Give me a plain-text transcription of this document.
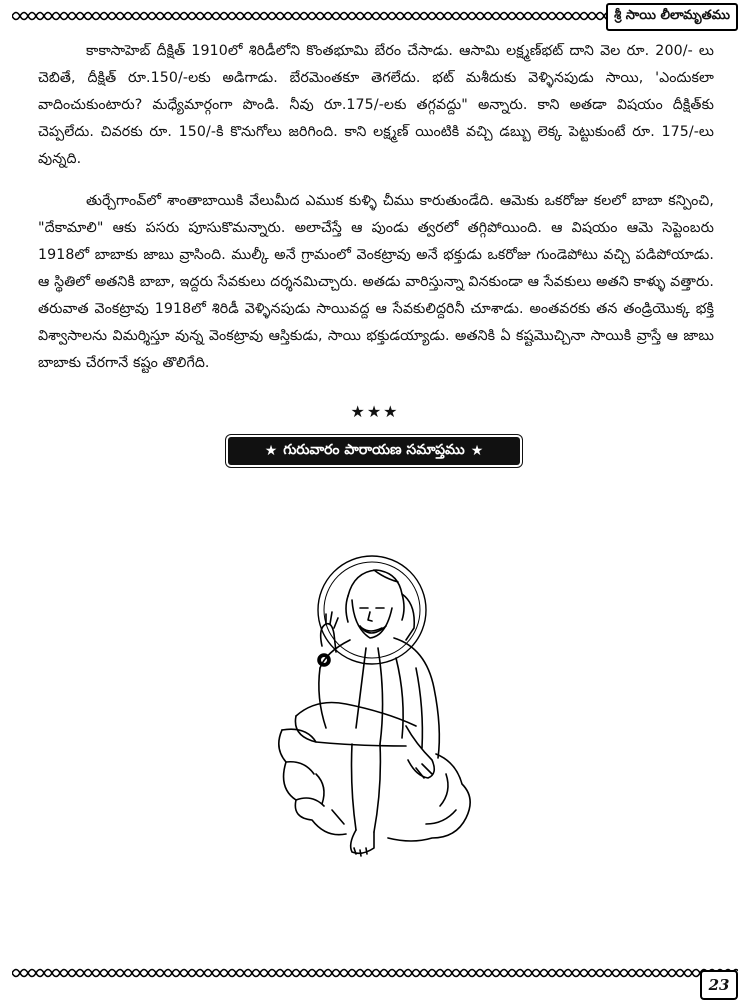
శ్రీ సాయి లీలామృతము

కాకాసాహెబ్ దీక్షిత్ 1910లో శిరిడీలోని కొంతభూమి బేరం చేసాడు. ఆసామి లక్ష్మణ్‌భట్ దాని వెల రూ. 200/- లు చెబితే, దీక్షిత్ రూ.150/-లకు అడిగాడు. బేరమెంతకూ తెగలేదు. భట్ మశీదుకు వెళ్ళినపుడు సాయి, 'ఎందుకలా వాదించుకుంటారు? మధ్యేమార్గంగా పొండి. నీవు రూ.175/-లకు తగ్గవద్దు" అన్నారు. కాని అతడా విషయం దీక్షిత్‌కు చెప్పలేదు. చివరకు రూ. 150/-కి కొనుగోలు జరిగింది. కాని లక్ష్మణ్ యింటికి వచ్చి డబ్బు లెక్క పెట్టుకుంటే రూ. 175/-లు వున్నది.

తుర్చేగాంవ్‌లో శాంతాబాయికి వేలుమీద ఎముక కుళ్ళి చీము కారుతుండేది. ఆమెకు ఒకరోజు కలలో బాబా కన్పించి, "దేకామాలి" ఆకు పసరు పూసుకొమన్నారు. అలాచేస్తే ఆ పుండు త్వరలో తగ్గిపోయింది. ఆ విషయం ఆమె సెప్టెంబరు 1918లో బాబాకు జాబు వ్రాసింది. ముల్కీ అనే గ్రామంలో వెంకట్రావు అనే భక్తుడు ఒకరోజు గుండెపోటు వచ్చి పడిపోయాడు. ఆ స్థితిలో అతనికి బాబా, ఇద్దరు సేవకులు దర్శనమిచ్చారు. అతడు వారిస్తున్నా వినకుండా ఆ సేవకులు అతని కాళ్ళు వత్తారు. తరువాత వెంకట్రావు 1918లో శిరిడీ వెళ్ళినపుడు సాయివద్ద ఆ సేవకులిద్దరినీ చూశాడు. అంతవరకు తన తండ్రియొక్క భక్తి విశ్వాసాలను విమర్శిస్తూ వున్న వెంకట్రావు ఆస్తికుడు, సాయి భక్తుడయ్యాడు. అతనికి ఏ కష్టమొచ్చినా సాయికి వ్రాస్తే ఆ జాబు బాబాకు చేరగానే కష్టం తొలిగేది.

★★★
★ గురువారం పారాయణ సమాప్తము ★
23
